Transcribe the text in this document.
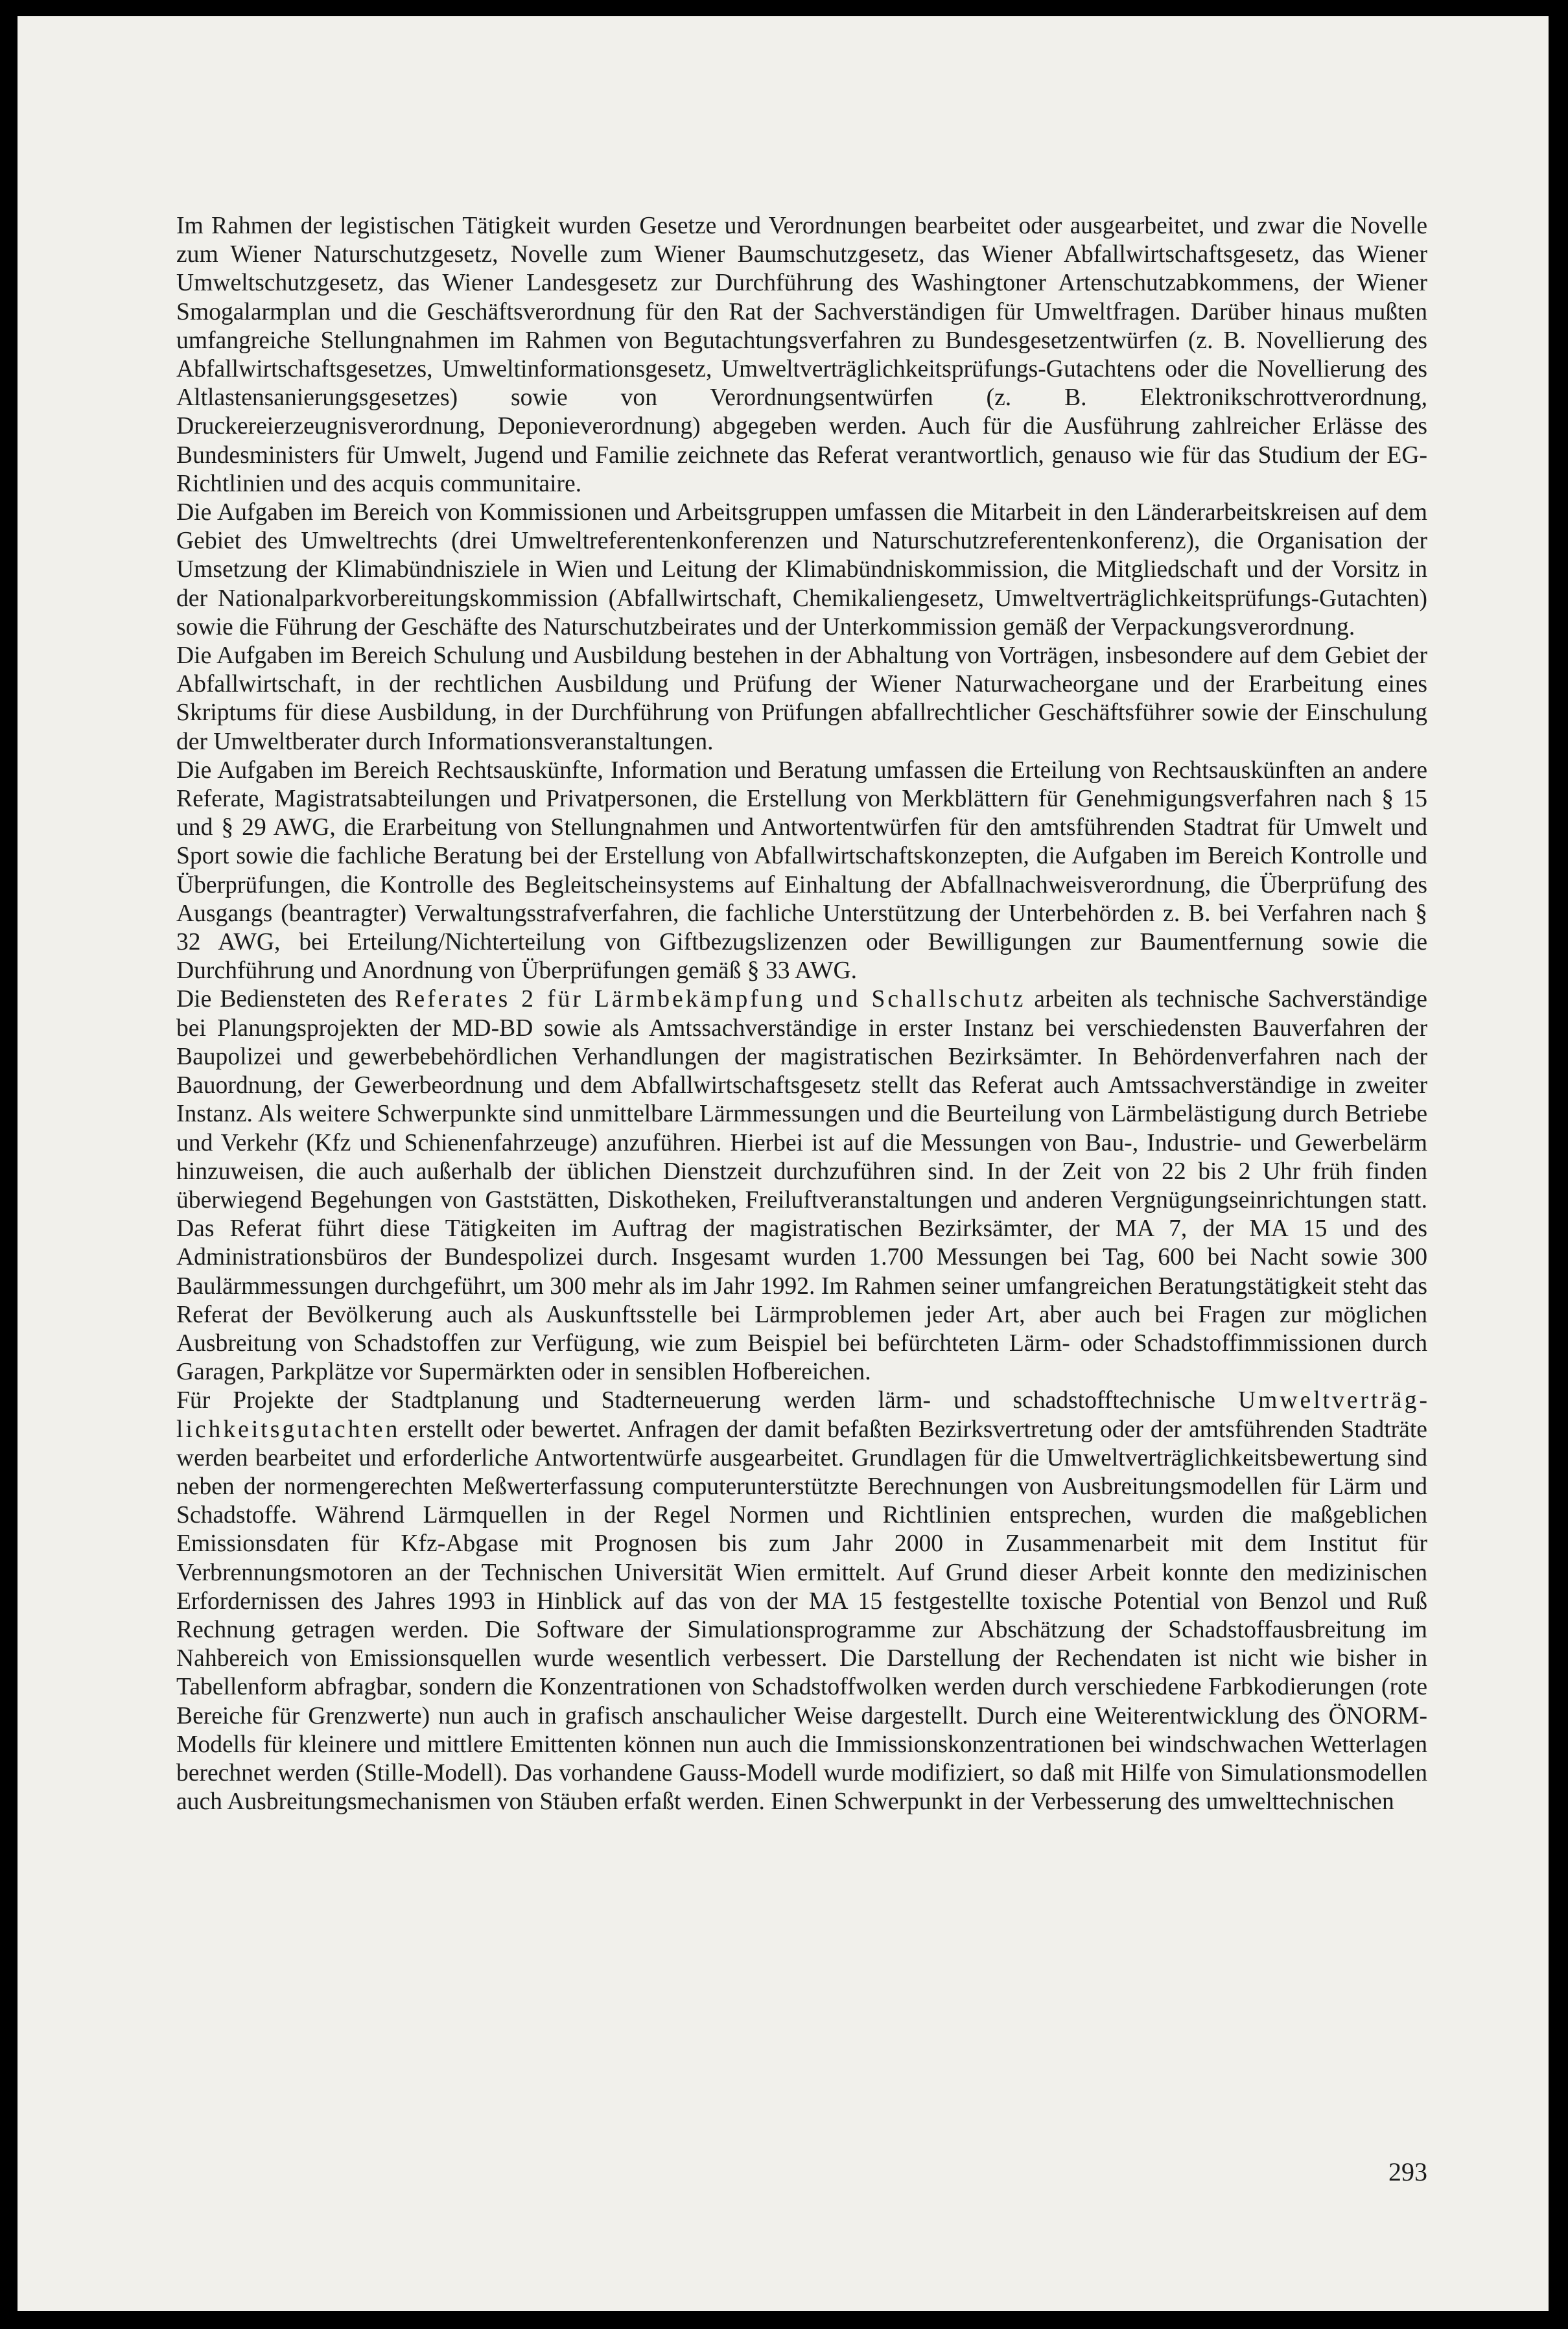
Im Rahmen der legistischen Tätigkeit wurden Gesetze und Verordnungen bearbeitet oder ausgearbeitet, und zwar die Novelle zum Wiener Naturschutzgesetz, Novelle zum Wiener Baumschutzgesetz, das Wiener Abfallwirtschaftsgesetz, das Wiener Umweltschutzgesetz, das Wiener Landesgesetz zur Durchführung des Washingtoner Artenschutzabkommens, der Wiener Smogalarmplan und die Geschäftsverordnung für den Rat der Sachverständigen für Umweltfragen. Darüber hinaus mußten umfangreiche Stellungnahmen im Rahmen von Begutachtungsverfahren zu Bundesgesetzentwürfen (z. B. Novellierung des Abfallwirtschaftsgesetzes, Umweltinformationsgesetz, Umweltverträglichkeitsprüfungs-Gutachtens oder die Novellierung des Altlastensanierungsgesetzes) sowie von Verordnungsentwürfen (z. B. Elektronikschrottverordnung, Druckereierzeugnisverordnung, Deponieverordnung) abgegeben werden. Auch für die Ausführung zahlreicher Erlässe des Bundesministers für Umwelt, Jugend und Familie zeichnete das Referat verantwortlich, genauso wie für das Studium der EG-Richtlinien und des acquis communitaire.

Die Aufgaben im Bereich von Kommissionen und Arbeitsgruppen umfassen die Mitarbeit in den Länderarbeitskreisen auf dem Gebiet des Umweltrechts (drei Umweltreferentenkonferenzen und Naturschutzreferentenkonferenz), die Organisation der Umsetzung der Klimabündnisziele in Wien und Leitung der Klimabündniskommission, die Mitgliedschaft und der Vorsitz in der Nationalparkvorbereitungskommission (Abfallwirtschaft, Chemikaliengesetz, Umweltverträglichkeitsprüfungs-Gutachten) sowie die Führung der Geschäfte des Naturschutzbeirates und der Unterkommission gemäß der Verpackungsverordnung.

Die Aufgaben im Bereich Schulung und Ausbildung bestehen in der Abhaltung von Vorträgen, insbesondere auf dem Gebiet der Abfallwirtschaft, in der rechtlichen Ausbildung und Prüfung der Wiener Naturwacheorgane und der Erarbeitung eines Skriptums für diese Ausbildung, in der Durchführung von Prüfungen abfallrechtlicher Geschäftsführer sowie der Einschulung der Umweltberater durch Informationsveranstaltungen.

Die Aufgaben im Bereich Rechtsauskünfte, Information und Beratung umfassen die Erteilung von Rechtsauskünften an andere Referate, Magistratsabteilungen und Privatpersonen, die Erstellung von Merkblättern für Genehmigungsverfahren nach § 15 und § 29 AWG, die Erarbeitung von Stellungnahmen und Antwortentwürfen für den amtsführenden Stadtrat für Umwelt und Sport sowie die fachliche Beratung bei der Erstellung von Abfallwirtschaftskonzepten, die Aufgaben im Bereich Kontrolle und Überprüfungen, die Kontrolle des Begleitscheinsystems auf Einhaltung der Abfallnachweisverordnung, die Überprüfung des Ausgangs (beantragter) Verwaltungsstrafverfahren, die fachliche Unterstützung der Unterbehörden z. B. bei Verfahren nach § 32 AWG, bei Erteilung/Nichterteilung von Giftbezugslizenzen oder Bewilligungen zur Baumentfernung sowie die Durchführung und Anordnung von Überprüfungen gemäß § 33 AWG.

Die Bediensteten des Referates 2 für Lärmbekämpfung und Schallschutz arbeiten als technische Sachverständige bei Planungsprojekten der MD-BD sowie als Amtssachverständige in erster Instanz bei verschiedensten Bauverfahren der Baupolizei und gewerbebehördlichen Verhandlungen der magistratischen Bezirksämter. In Behördenverfahren nach der Bauordnung, der Gewerbeordnung und dem Abfallwirtschaftsgesetz stellt das Referat auch Amtssachverständige in zweiter Instanz. Als weitere Schwerpunkte sind unmittelbare Lärmmessungen und die Beurteilung von Lärmbelästigung durch Betriebe und Verkehr (Kfz und Schienenfahrzeuge) anzuführen. Hierbei ist auf die Messungen von Bau-, Industrie- und Gewerbelärm hinzuweisen, die auch außerhalb der üblichen Dienstzeit durchzuführen sind. In der Zeit von 22 bis 2 Uhr früh finden überwiegend Begehungen von Gaststätten, Diskotheken, Freiluftveranstaltungen und anderen Vergnügungseinrichtungen statt. Das Referat führt diese Tätigkeiten im Auftrag der magistratischen Bezirksämter, der MA 7, der MA 15 und des Administrationsbüros der Bundespolizei durch. Insgesamt wurden 1.700 Messungen bei Tag, 600 bei Nacht sowie 300 Baulärmmessungen durchgeführt, um 300 mehr als im Jahr 1992. Im Rahmen seiner umfangreichen Beratungstätigkeit steht das Referat der Bevölkerung auch als Auskunftsstelle bei Lärmproblemen jeder Art, aber auch bei Fragen zur möglichen Ausbreitung von Schadstoffen zur Verfügung, wie zum Beispiel bei befürchteten Lärm- oder Schadstoffimmissionen durch Garagen, Parkplätze vor Supermärkten oder in sensiblen Hofbereichen.

Für Projekte der Stadtplanung und Stadterneuerung werden lärm- und schadstofftechnische Umweltverträglichkeitsgutachten erstellt oder bewertet. Anfragen der damit befaßten Bezirksvertretung oder der amtsführenden Stadträte werden bearbeitet und erforderliche Antwortentwürfe ausgearbeitet. Grundlagen für die Umweltverträglichkeitsbewertung sind neben der normengerechten Meßwerterfassung computerunterstützte Berechnungen von Ausbreitungsmodellen für Lärm und Schadstoffe. Während Lärmquellen in der Regel Normen und Richtlinien entsprechen, wurden die maßgeblichen Emissionsdaten für Kfz-Abgase mit Prognosen bis zum Jahr 2000 in Zusammenarbeit mit dem Institut für Verbrennungsmotoren an der Technischen Universität Wien ermittelt. Auf Grund dieser Arbeit konnte den medizinischen Erfordernissen des Jahres 1993 in Hinblick auf das von der MA 15 festgestellte toxische Potential von Benzol und Ruß Rechnung getragen werden. Die Software der Simulationsprogramme zur Abschätzung der Schadstoffausbreitung im Nahbereich von Emissionsquellen wurde wesentlich verbessert. Die Darstellung der Rechendaten ist nicht wie bisher in Tabellenform abfragbar, sondern die Konzentrationen von Schadstoffwolken werden durch verschiedene Farbkodierungen (rote Bereiche für Grenzwerte) nun auch in grafisch anschaulicher Weise dargestellt. Durch eine Weiterentwicklung des ÖNORM-Modells für kleinere und mittlere Emittenten können nun auch die Immissionskonzentrationen bei windschwachen Wetterlagen berechnet werden (Stille-Modell). Das vorhandene Gauss-Modell wurde modifiziert, so daß mit Hilfe von Simulationsmodellen auch Ausbreitungsmechanismen von Stäuben erfaßt werden. Einen Schwerpunkt in der Verbesserung des umwelttechnischen

293
